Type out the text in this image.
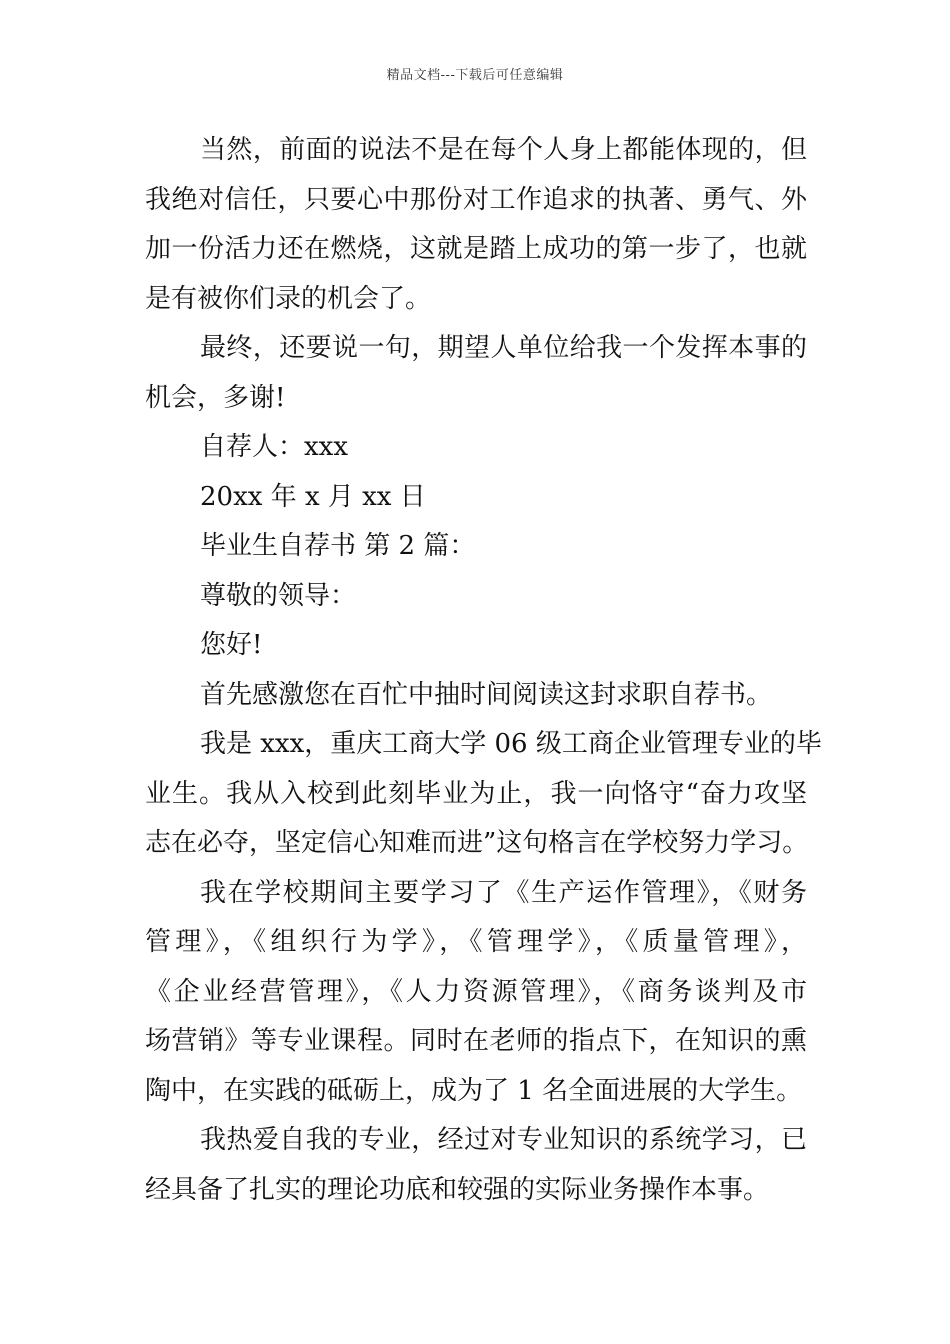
精品文档---下载后可任意编辑
当然，前面的说法不是在每个人身上都能体现的，但
我绝对信任，只要心中那份对工作追求的执著、勇气、外
加一份活力还在燃烧，这就是踏上成功的第一步了，也就
是有被你们录的机会了。
最终，还要说一句，期望人单位给我一个发挥本事的
机会，多谢!
自荐人：xxx
20xx 年 x 月 xx 日
毕业生自荐书 第 2 篇：
尊敬的领导：
您好!
首先感激您在百忙中抽时间阅读这封求职自荐书。
我是 xxx，重庆工商大学 06 级工商企业管理专业的毕
业生。我从入校到此刻毕业为止，我一向恪守“奋力攻坚
志在必夺，坚定信心知难而进”这句格言在学校努力学习。
我在学校期间主要学习了《生产运作管理》，《财务
管理》，《组织行为学》，《管理学》，《质量管理》，
《企业经营管理》，《人力资源管理》，《商务谈判及市
场营销》等专业课程。同时在老师的指点下，在知识的熏
陶中，在实践的砥砺上，成为了 1 名全面进展的大学生。
我热爱自我的专业，经过对专业知识的系统学习，已
经具备了扎实的理论功底和较强的实际业务操作本事。
